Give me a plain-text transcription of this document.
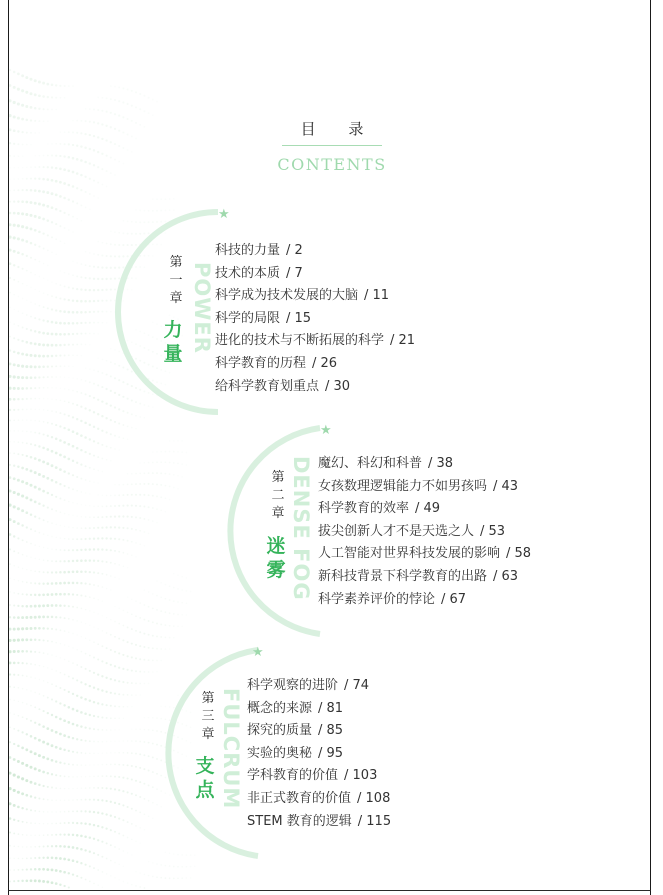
目 录
CONTENTS
★
★
★
POWER
第
一
章
力
量
科技的力量 / 2
技术的本质 / 7
科学成为技术发展的大脑 / 11
科学的局限 / 15
进化的技术与不断拓展的科学 / 21
科学教育的历程 / 26
给科学教育划重点 / 30
DENSE FOG
第
二
章
迷
雾
魔幻、科幻和科普 / 38
女孩数理逻辑能力不如男孩吗 / 43
科学教育的效率 / 49
拔尖创新人才不是天选之人 / 53
人工智能对世界科技发展的影响 / 58
新科技背景下科学教育的出路 / 63
科学素养评价的悖论 / 67
FULCRUM
第
三
章
支
点
科学观察的进阶 / 74
概念的来源 / 81
探究的质量 / 85
实验的奥秘 / 95
学科教育的价值 / 103
非正式教育的价值 / 108
STEM 教育的逻辑 / 115
